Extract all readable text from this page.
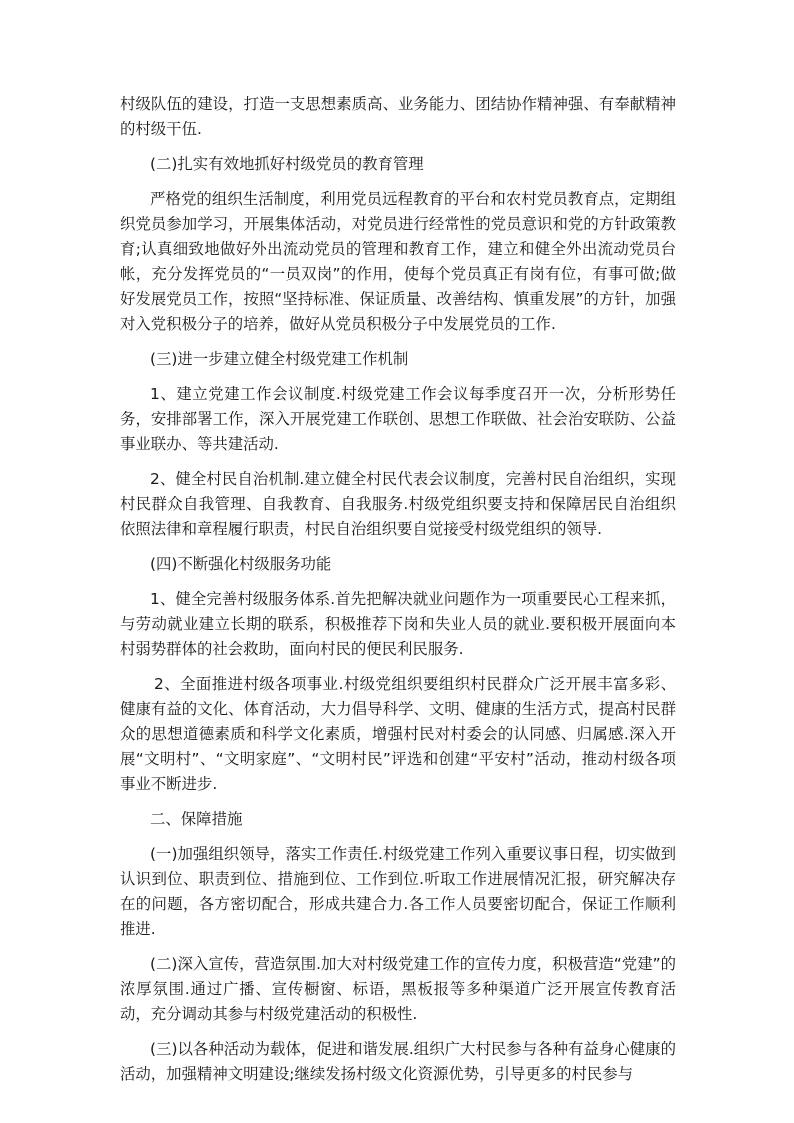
村级队伍的建设，打造一支思想素质高、业务能力、团结协作精神强、有奉献精神的村级干伍.

(二)扎实有效地抓好村级党员的教育管理

严格党的组织生活制度，利用党员远程教育的平台和农村党员教育点，定期组织党员参加学习，开展集体活动，对党员进行经常性的党员意识和党的方针政策教育;认真细致地做好外出流动党员的管理和教育工作，建立和健全外出流动党员台帐，充分发挥党员的“一员双岗”的作用，使每个党员真正有岗有位，有事可做;做好发展党员工作，按照“坚持标准、保证质量、改善结构、慎重发展”的方针，加强对入党积极分子的培养，做好从党员积极分子中发展党员的工作.

(三)进一步建立健全村级党建工作机制

1、建立党建工作会议制度.村级党建工作会议每季度召开一次，分析形势任务，安排部署工作，深入开展党建工作联创、思想工作联做、社会治安联防、公益事业联办、等共建活动.

2、健全村民自治机制.建立健全村民代表会议制度，完善村民自治组织，实现村民群众自我管理、自我教育、自我服务.村级党组织要支持和保障居民自治组织依照法律和章程履行职责，村民自治组织要自觉接受村级党组织的领导.

(四)不断强化村级服务功能

1、健全完善村级服务体系.首先把解决就业问题作为一项重要民心工程来抓，与劳动就业建立长期的联系，积极推荐下岗和失业人员的就业.要积极开展面向本村弱势群体的社会救助，面向村民的便民利民服务.

2、全面推进村级各项事业.村级党组织要组织村民群众广泛开展丰富多彩、健康有益的文化、体育活动，大力倡导科学、文明、健康的生活方式，提高村民群众的思想道德素质和科学文化素质，增强村民对村委会的认同感、归属感.深入开展“文明村”、“文明家庭”、“文明村民”评选和创建“平安村”活动，推动村级各项事业不断进步.

二、保障措施

(一)加强组织领导，落实工作责任.村级党建工作列入重要议事日程，切实做到认识到位、职责到位、措施到位、工作到位.听取工作进展情况汇报，研究解决存在的问题，各方密切配合，形成共建合力.各工作人员要密切配合，保证工作顺利推进.

(二)深入宣传，营造氛围.加大对村级党建工作的宣传力度，积极营造“党建”的浓厚氛围.通过广播、宣传橱窗、标语，黑板报等多种渠道广泛开展宣传教育活动，充分调动其参与村级党建活动的积极性.

(三)以各种活动为载体，促进和谐发展.组织广大村民参与各种有益身心健康的活动，加强精神文明建设;继续发扬村级文化资源优势，引导更多的村民参与
